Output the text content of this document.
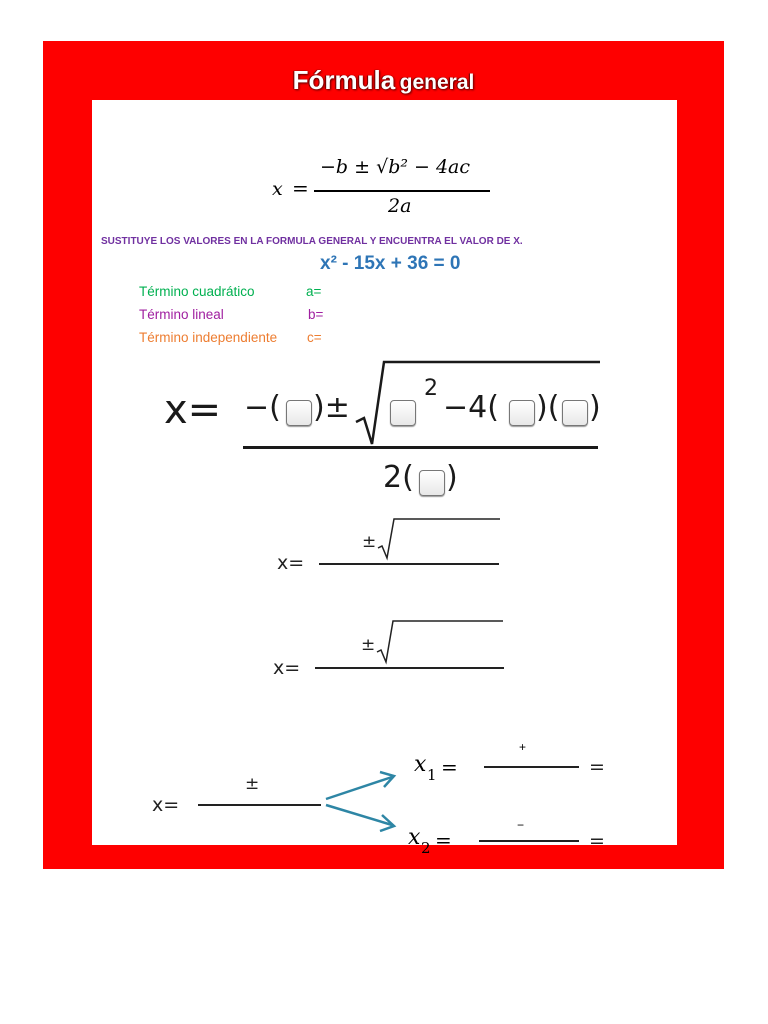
Fórmula general
x =
−b ± √b² − 4ac
2a
SUSTITUYE LOS VALORES EN LA FORMULA GENERAL Y ENCUENTRA EL VALOR DE X.
x² - 15x + 36 = 0
Término cuadrático	a=
Término lineal	b=
Término independiente c=
x= −( )±
2
−4( )( )
2( )
x=
±
x=
±
x=
±
x 1 =
+
=
x 2 =
−
=
